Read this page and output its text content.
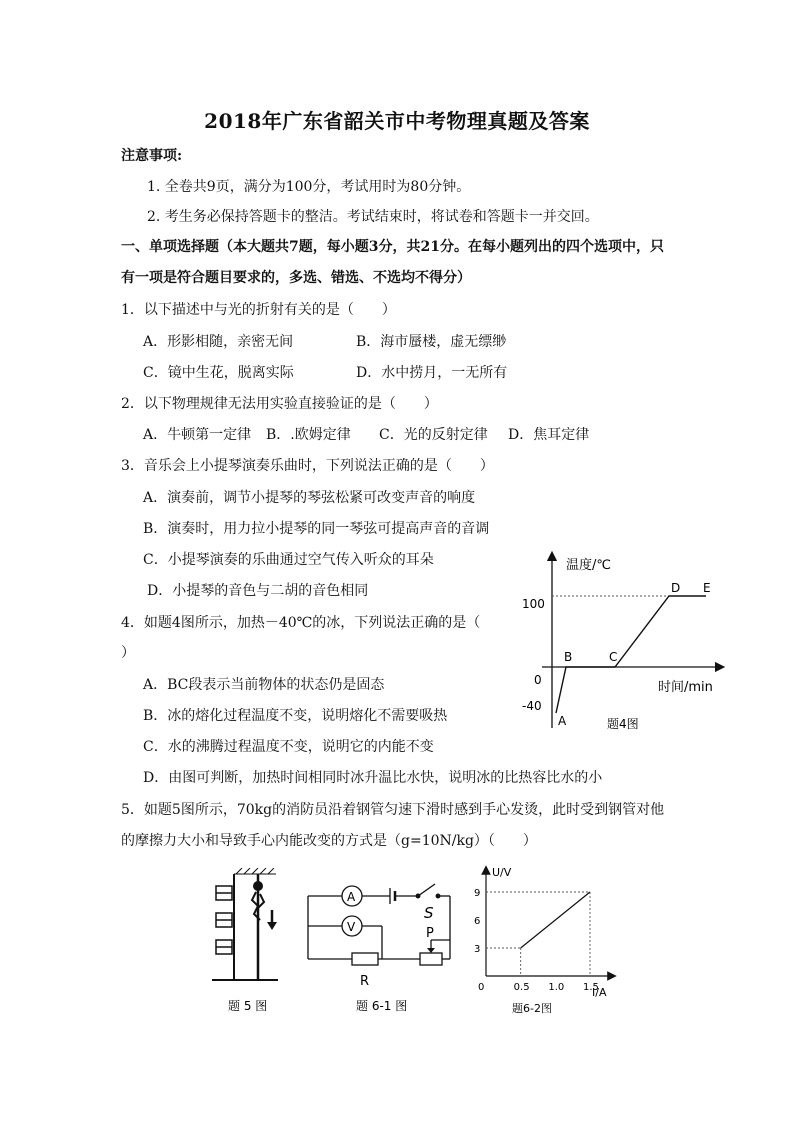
2018年广东省韶关市中考物理真题及答案
注意事项:
1. 全卷共9页，满分为100分，考试用时为80分钟。
2. 考生务必保持答题卡的整洁。考试结束时，将试卷和答题卡一并交回。
一、单项选择题（本大题共7题，每小题3分，共21分。在每小题列出的四个选项中，只
有一项是符合题目要求的，多选、错选、不选均不得分）
1．以下描述中与光的折射有关的是（　　）
A．形影相随，亲密无间	B．海市蜃楼，虚无缥缈
C．镜中生花，脱离实际	D．水中捞月，一无所有
2．以下物理规律无法用实验直接验证的是（　　）
A．牛顿第一定律 B．.欧姆定律 C．光的反射定律 D．焦耳定律
3．音乐会上小提琴演奏乐曲时，下列说法正确的是（　　）
A．演奏前，调节小提琴的琴弦松紧可改变声音的响度
B．演奏时，用力拉小提琴的同一琴弦可提高声音的音调
C．小提琴演奏的乐曲通过空气传入听众的耳朵
D．小提琴的音色与二胡的音色相同
4．如题4图所示，加热－40℃的冰，下列说法正确的是（
）
A．BC段表示当前物体的状态仍是固态
B．冰的熔化过程温度不变，说明熔化不需要吸热
C．水的沸腾过程温度不变，说明它的内能不变
D．由图可判断，加热时间相同时冰升温比水快，说明冰的比热容比水的小
5．如题5图所示，70kg的消防员沿着钢管匀速下滑时感到手心发烫，此时受到钢管对他
的摩擦力大小和导致手心内能改变的方式是（g=10N/kg）（　　）
温度/℃
时间/min
100
0
-40
A
B	C
D E
题4图
题 5 图
A
V
S
P
R
题 6-1 图
U/V
I/A
9
6
3
0	0.5 1.0 1.5
题6-2图
